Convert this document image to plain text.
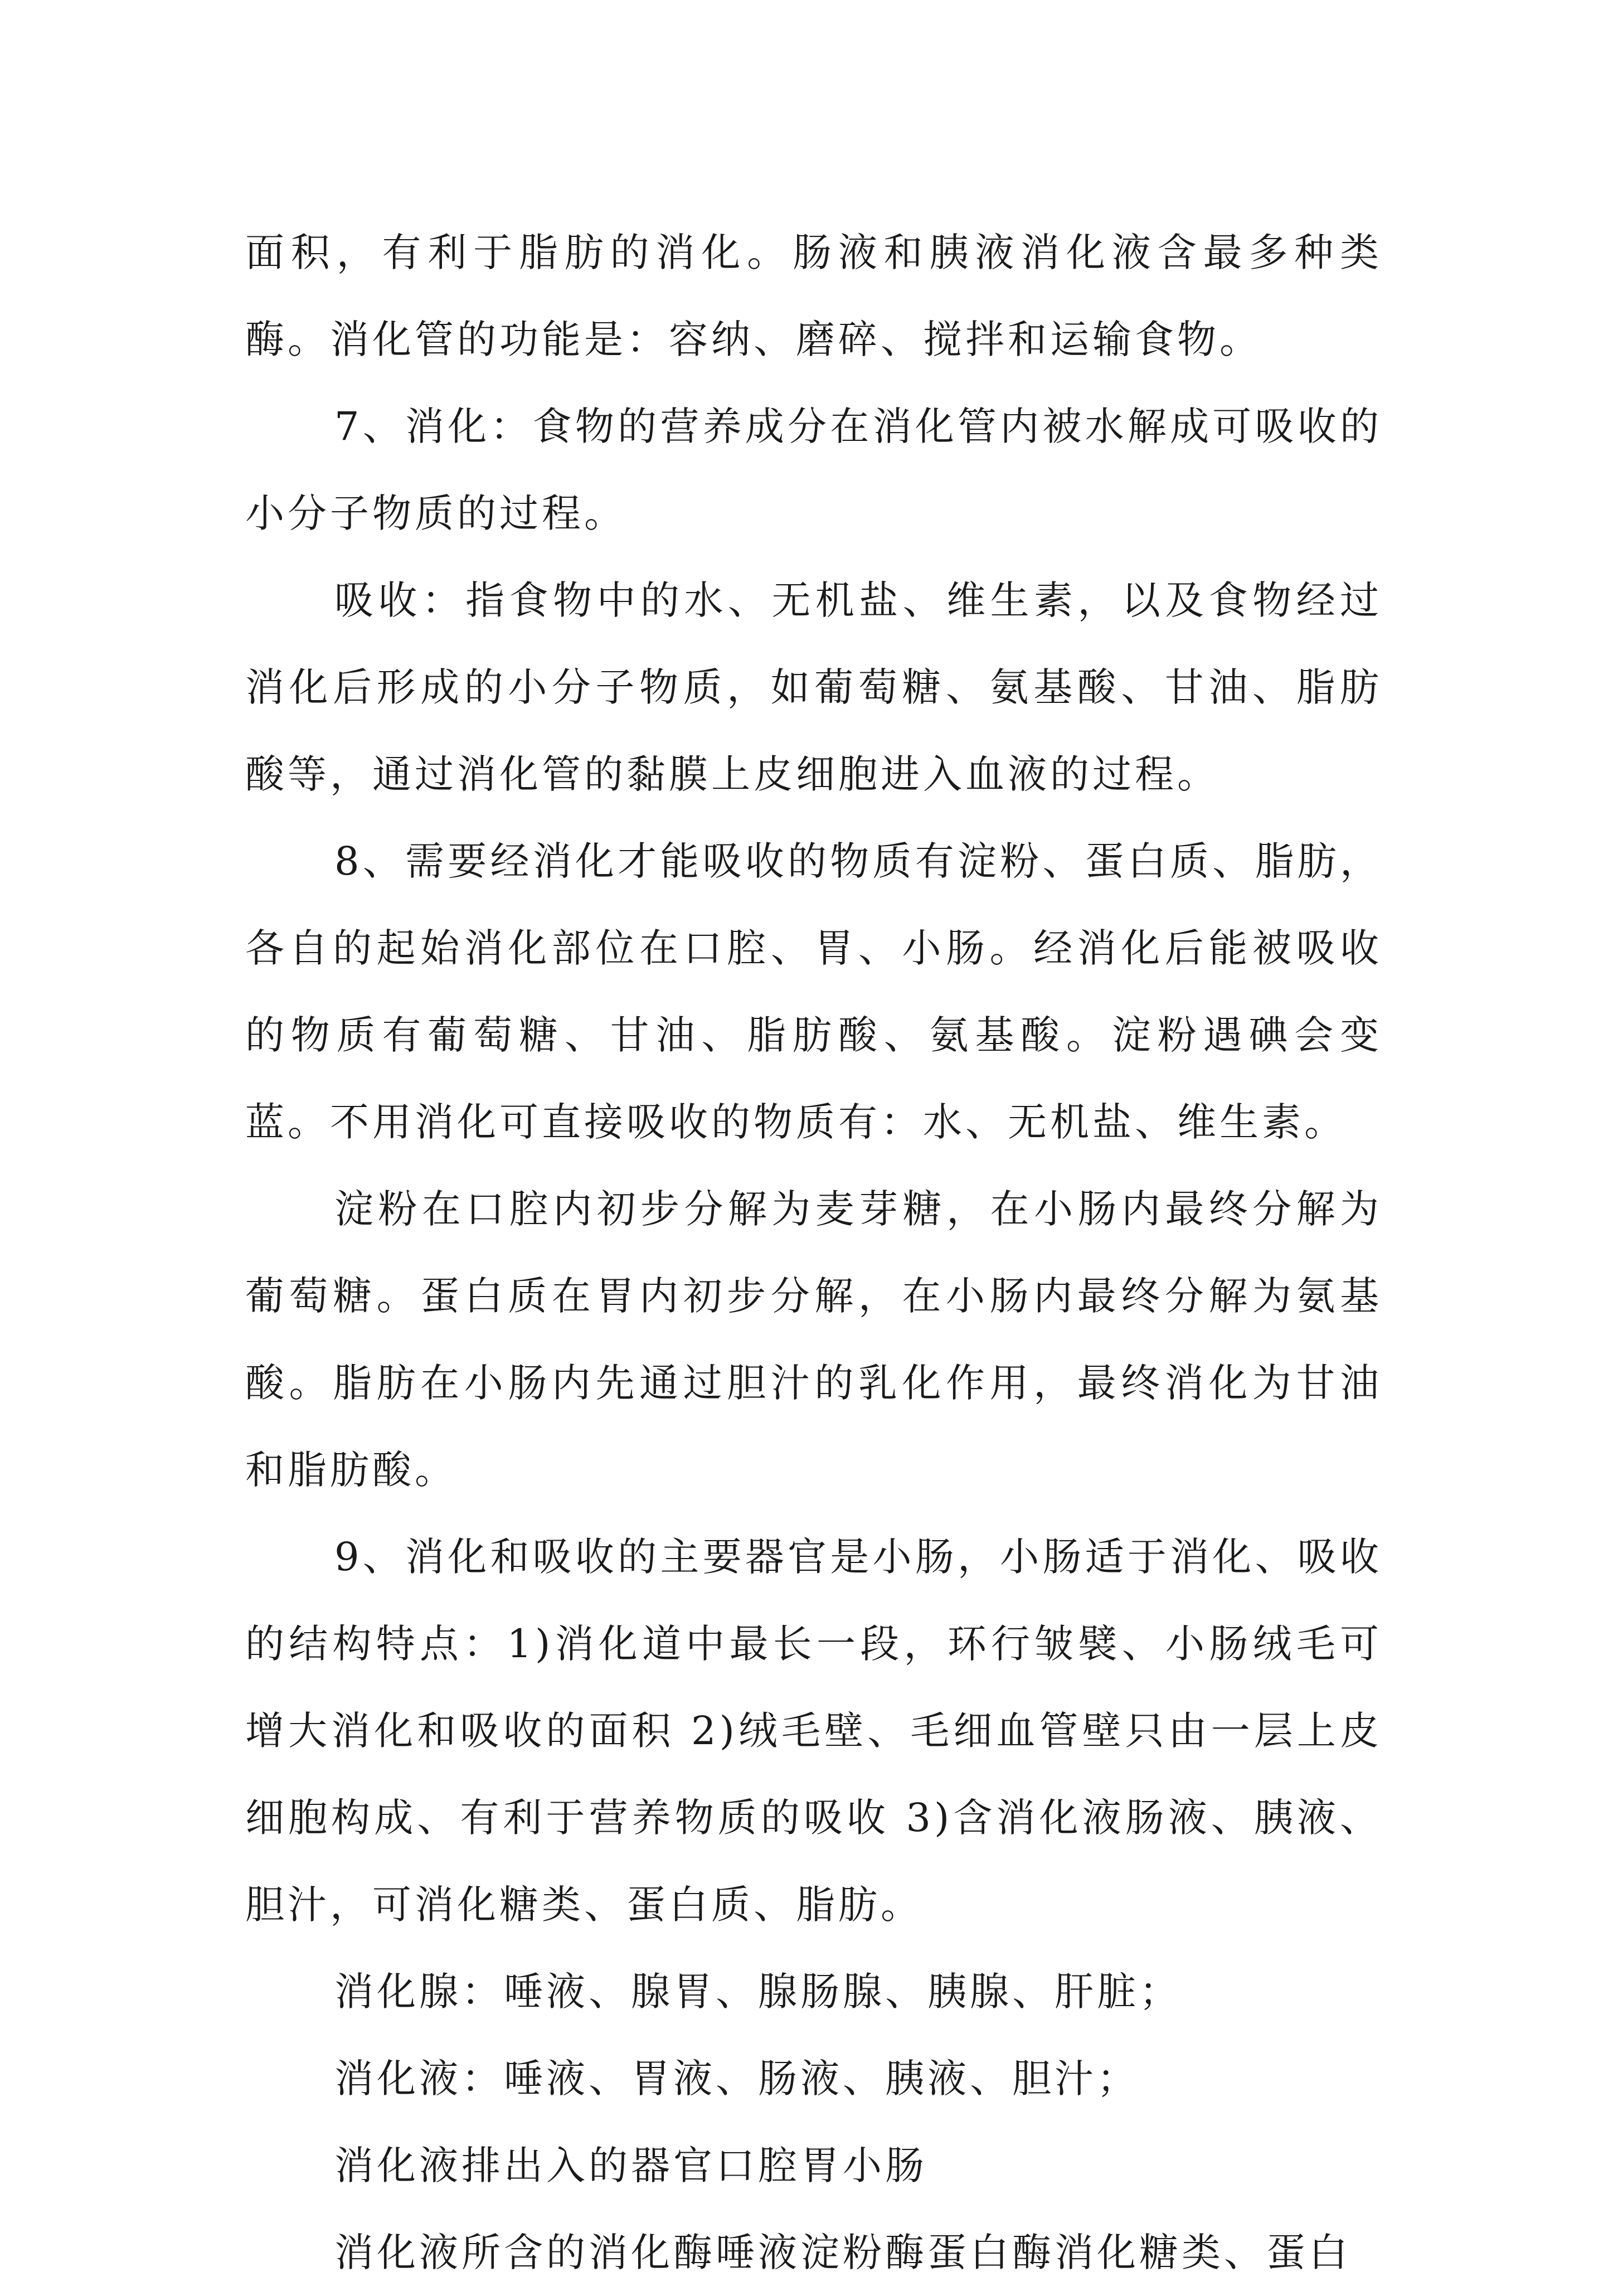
面积，有利于脂肪的消化。肠液和胰液消化液含最多种类酶。消化管的功能是：容纳、磨碎、搅拌和运输食物。

7、消化：食物的营养成分在消化管内被水解成可吸收的小分子物质的过程。

吸收：指食物中的水、无机盐、维生素，以及食物经过消化后形成的小分子物质，如葡萄糖、氨基酸、甘油、脂肪酸等，通过消化管的黏膜上皮细胞进入血液的过程。

8、需要经消化才能吸收的物质有淀粉、蛋白质、脂肪，各自的起始消化部位在口腔、胃、小肠。经消化后能被吸收的物质有葡萄糖、甘油、脂肪酸、氨基酸。淀粉遇碘会变蓝。不用消化可直接吸收的物质有：水、无机盐、维生素。

淀粉在口腔内初步分解为麦芽糖，在小肠内最终分解为葡萄糖。蛋白质在胃内初步分解，在小肠内最终分解为氨基酸。脂肪在小肠内先通过胆汁的乳化作用，最终消化为甘油和脂肪酸。

9、消化和吸收的主要器官是小肠，小肠适于消化、吸收的结构特点：1)消化道中最长一段，环行皱襞、小肠绒毛可增大消化和吸收的面积 2)绒毛壁、毛细血管壁只由一层上皮细胞构成、有利于营养物质的吸收 3)含消化液肠液、胰液、胆汁，可消化糖类、蛋白质、脂肪。

消化腺：唾液、腺胃、腺肠腺、胰腺、肝脏；

消化液：唾液、胃液、肠液、胰液、胆汁；

消化液排出入的器官口腔胃小肠

消化液所含的消化酶唾液淀粉酶蛋白酶消化糖类、蛋白
